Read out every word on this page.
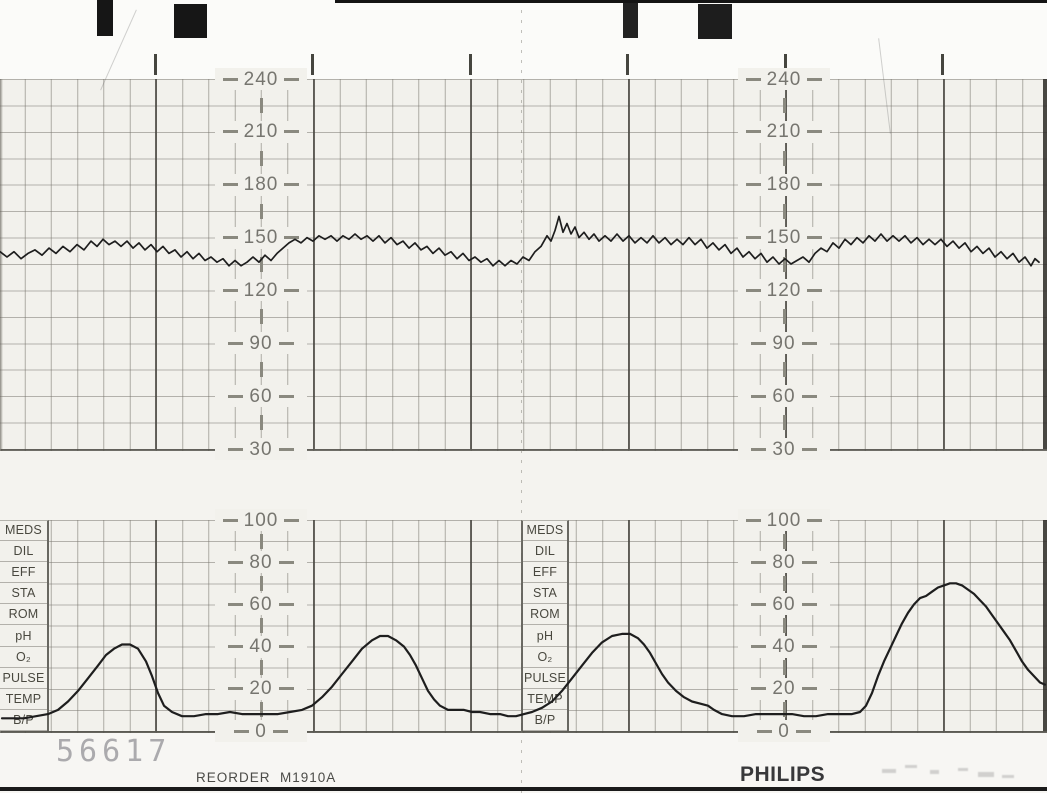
MEDS
DIL
EFF
STA
ROM
pH
O₂
PULSE
TEMP
B/P
MEDS
DIL
EFF
STA
ROM
pH
O₂
PULSE
TEMP
B/P
56617
REORDER  M1910A	PHILIPS
240
210
180
150
120
90
60
30
240
210
180
150
120
90
60
30
100
80
60
40
20
0
100
80
60
40
20
0
